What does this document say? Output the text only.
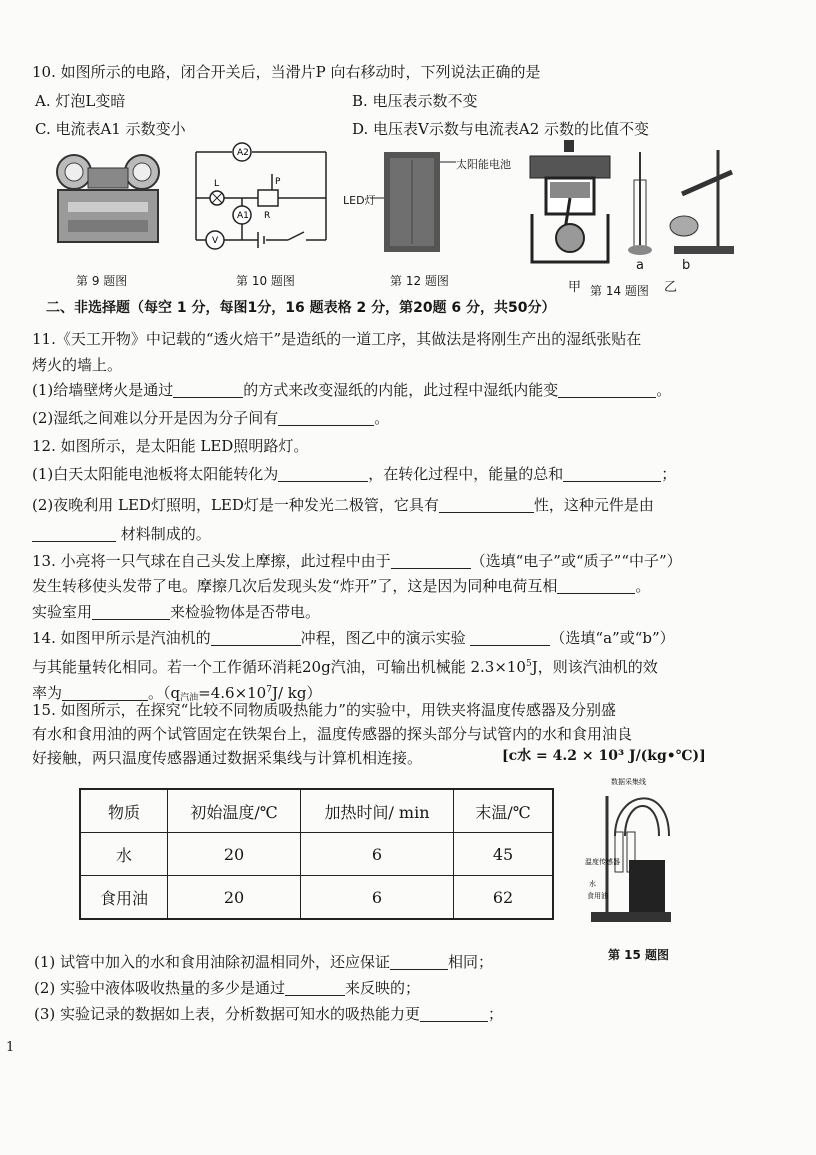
10. 如图所示的电路，闭合开关后，当滑片P 向右移动时，下列说法正确的是
A. 灯泡L变暗	B. 电压表示数不变
C. 电流表A1 示数变小	D. 电压表V示数与电流表A2 示数的比值不变
第 9 题图
A2
L
A1
P
R
V
第 10 题图
太阳能电池
LED灯
第 12 题图	甲
a	b
第 14 题图 乙
二、非选择题（每空 1 分，每图1分，16 题表格 2 分，第20题 6 分，共50分）
11.《天工开物》中记载的“透火焙干”是造纸的一道工序，其做法是将刚生产出的湿纸张贴在
烤火的墙上。
(1)给墙壁烤火是通过	的方式来改变湿纸的内能，此过程中湿纸内能变	。
(2)湿纸之间难以分开是因为分子间有	。
12. 如图所示，是太阳能 LED照明路灯。
(1)白天太阳能电池板将太阳能转化为	，在转化过程中，能量的总和	；
(2)夜晚利用 LED灯照明，LED灯是一种发光二极管，它具有	性，这种元件是由
材料制成的。
13. 小亮将一只气球在自己头发上摩擦，此过程中由于	（选填“电子”或“质子”“中子”）
发生转移使头发带了电。摩擦几次后发现头发“炸开”了，这是因为同种电荷互相	。
实验室用	来检验物体是否带电。
14. 如图甲所示是汽油机的	冲程，图乙中的演示实验	（选填“a”或“b”）
与其能量转化相同。若一个工作循环消耗20g汽油，可输出机械能 $2.3\times 10^5J$，则该汽油机的效
率为	。（$q_{汽油}=4.6\times 10^7J/$ kg）
15. 如图所示，在探究“比较不同物质吸热能力”的实验中，用铁夹将温度传感器及分别盛
有水和食用油的两个试管固定在铁架台上，温度传感器的探头部分与试管内的水和食用油良
好接触，两只温度传感器通过数据采集线与计算机相连接。	[c水 = 4.2 × 10³ J/(kg•℃)]
物质	初始温度/℃	加热时间/ min	末温/℃
水	20	6	45
食用油	20	6	62
数据采集线
温度传感器
水
食用油
第 15 题图
(1) 试管中加入的水和食用油除初温相同外，还应保证	相同；
(2) 实验中液体吸收热量的多少是通过	来反映的；
(3) 实验记录的数据如上表，分析数据可知水的吸热能力更	；
1
